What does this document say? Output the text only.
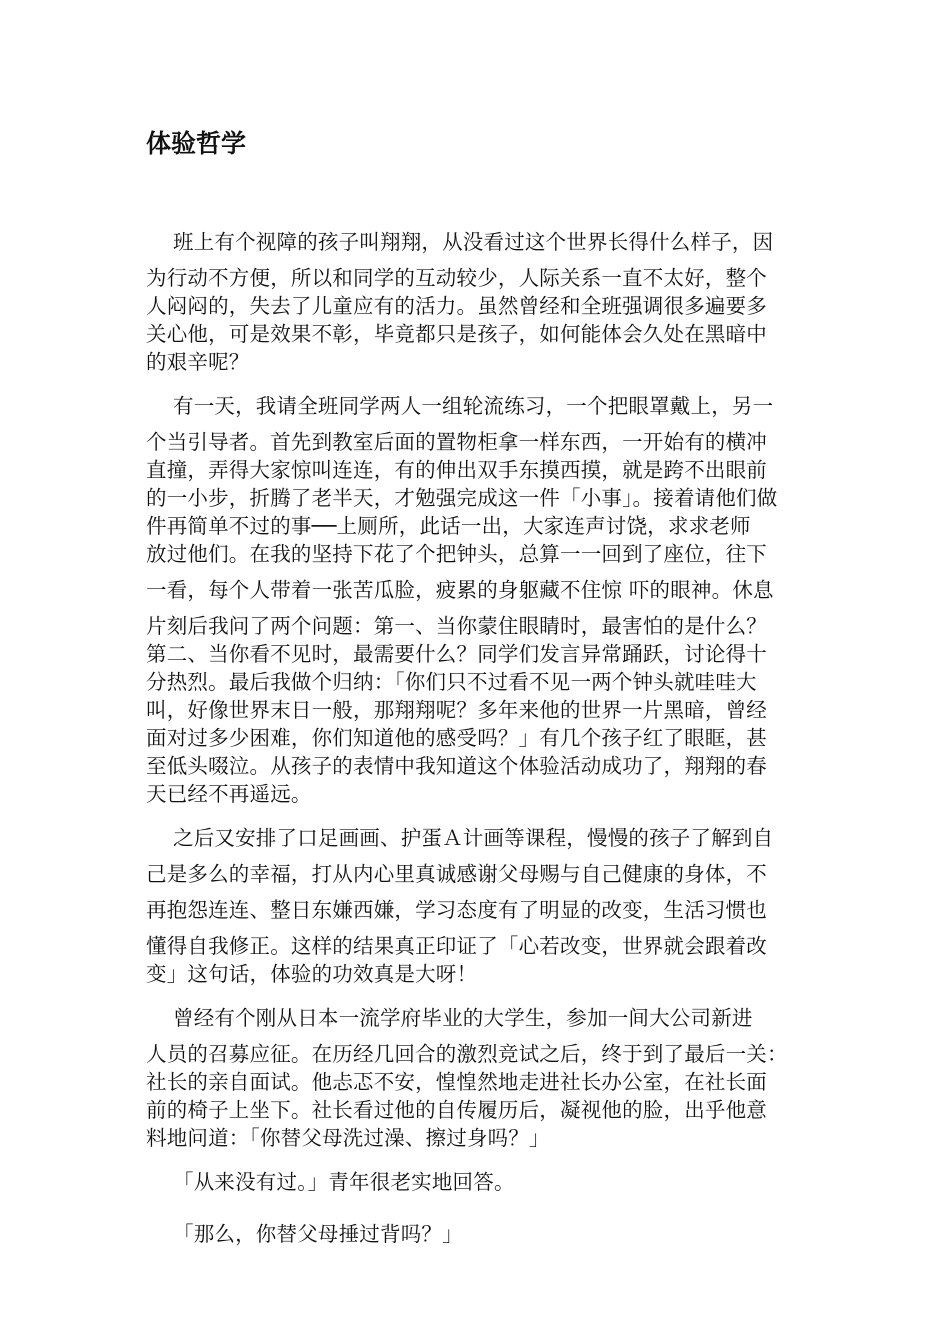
体验哲学
班上有个视障的孩子叫翔翔，从没看过这个世界长得什么样子，因
为行动不方便，所以和同学的互动较少，人际关系一直不太好，整个
人闷闷的，失去了儿童应有的活力。虽然曾经和全班强调很多遍要多
关心他，可是效果不彰，毕竟都只是孩子，如何能体会久处在黑暗中
的艰辛呢？
有一天，我请全班同学两人一组轮流练习，一个把眼罩戴上，另一
个当引导者。首先到教室后面的置物柜拿一样东西，一开始有的横冲
直撞，弄得大家惊叫连连，有的伸出双手东摸西摸，就是跨不出眼前
的一小步，折腾了老半天，才勉强完成这一件「小事」。接着请他们做
件再简单不过的事──上厕所，此话一出，大家连声讨饶，求求老师
放过他们。在我的坚持下花了个把钟头，总算一一回到了座位，往下
一看，每个人带着一张苦瓜脸，疲累的身躯藏不住惊 吓的眼神。休息
片刻后我问了两个问题：第一、当你蒙住眼睛时，最害怕的是什么？
第二、当你看不见时，最需要什么？同学们发言异常踊跃，讨论得十
分热烈。最后我做个归纳：「你们只不过看不见一两个钟头就哇哇大
叫，好像世界末日一般，那翔翔呢？多年来他的世界一片黑暗，曾经
面对过多少困难，你们知道他的感受吗？」有几个孩子红了眼眶，甚
至低头啜泣。从孩子的表情中我知道这个体验活动成功了，翔翔的春
天已经不再遥远。
之后又安排了口足画画、护蛋Ａ计画等课程，慢慢的孩子了解到自
己是多么的幸福，打从内心里真诚感谢父母赐与自己健康的身体，不
再抱怨连连、整日东嫌西嫌，学习态度有了明显的改变，生活习惯也
懂得自我修正。这样的结果真正印证了「心若改变，世界就会跟着改
变」这句话，体验的功效真是大呀！
曾经有个刚从日本一流学府毕业的大学生，参加一间大公司新进
人员的召募应征。在历经几回合的激烈竞试之后，终于到了最后一关：
社长的亲自面试。他忐忑不安，惶惶然地走进社长办公室，在社长面
前的椅子上坐下。社长看过他的自传履历后，凝视他的脸，出乎他意
料地问道：「你替父母洗过澡、擦过身吗？」
「从来没有过。」青年很老实地回答。
「那么，你替父母捶过背吗？」
